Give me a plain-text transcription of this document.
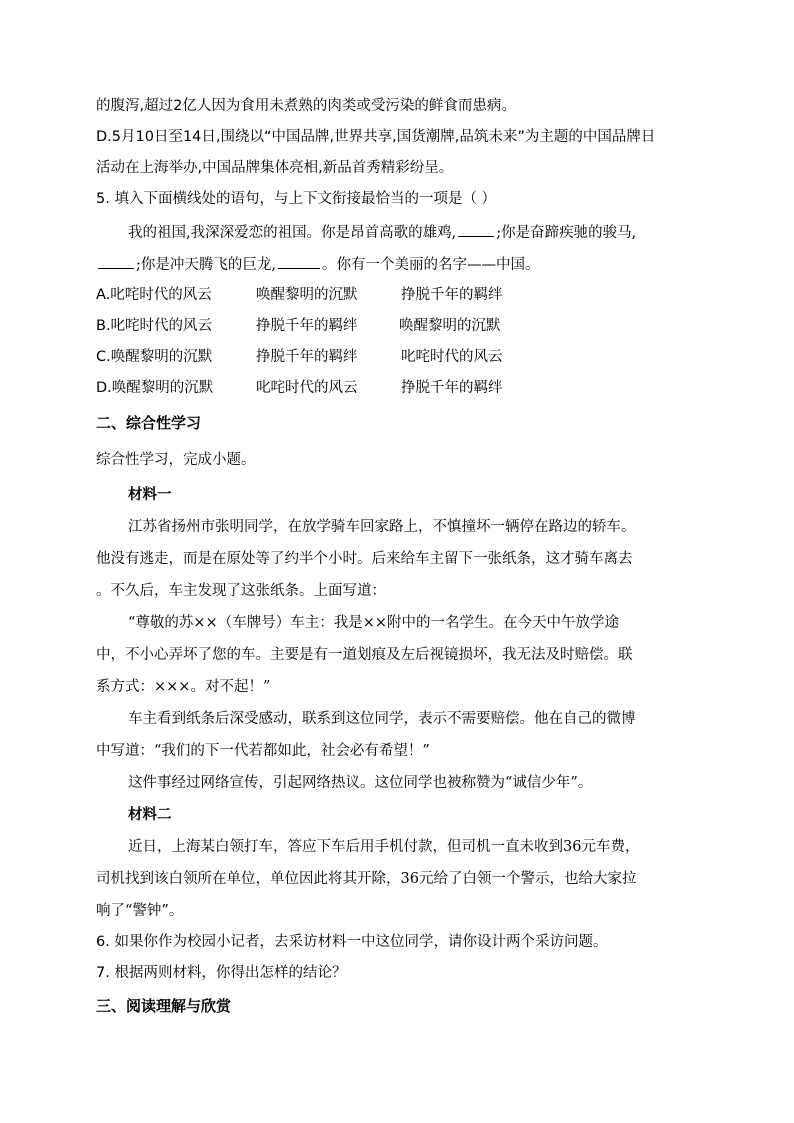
的腹泻,超过2亿人因为食用未煮熟的肉类或受污染的鲜食而患病。
D.5月10日至14日,围绕以“中国品牌,世界共享,国货潮牌,品筑未来”为主题的中国品牌日
活动在上海举办,中国品牌集体亮相,新品首秀精彩纷呈。
5. 填入下面横线处的语句，与上下文衔接最恰当的一项是（ ）
我的祖国,我深深爱恋的祖国。你是昂首高歌的雄鸡,	;你是奋蹄疾驰的骏马,
;你是冲天腾飞的巨龙,	。你有一个美丽的名字——中国。
A.叱咤时代的风云	唤醒黎明的沉默	挣脱千年的羁绊
B.叱咤时代的风云	挣脱千年的羁绊	唤醒黎明的沉默
C.唤醒黎明的沉默	挣脱千年的羁绊	叱咤时代的风云
D.唤醒黎明的沉默	叱咤时代的风云	挣脱千年的羁绊
二、综合性学习
综合性学习，完成小题。
材料一
江苏省扬州市张明同学，在放学骑车回家路上，不慎撞坏一辆停在路边的轿车。
他没有逃走，而是在原处等了约半个小时。后来给车主留下一张纸条，这才骑车离去
。不久后，车主发现了这张纸条。上面写道：
“尊敬的苏××（车牌号）车主：我是××附中的一名学生。在今天中午放学途
中，不小心弄坏了您的车。主要是有一道划痕及左后视镜损坏，我无法及时赔偿。联
系方式：×××。对不起！”
车主看到纸条后深受感动，联系到这位同学，表示不需要赔偿。他在自己的微博
中写道：“我们的下一代若都如此，社会必有希望！”
这件事经过网络宣传，引起网络热议。这位同学也被称赞为“诚信少年”。
材料二
近日，上海某白领打车，答应下车后用手机付款，但司机一直未收到36元车费，
司机找到该白领所在单位，单位因此将其开除，36元给了白领一个警示，也给大家拉
响了“警钟”。
6. 如果你作为校园小记者，去采访材料一中这位同学，请你设计两个采访问题。
7. 根据两则材料，你得出怎样的结论？
三、阅读理解与欣赏
